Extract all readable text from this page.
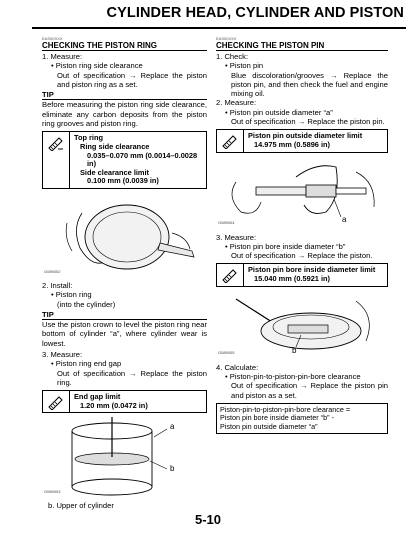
CYLINDER HEAD, CYLINDER AND PISTON
EAS00XXX
CHECKING THE PISTON RING
1. Measure:
• Piston ring side clearance
Out of specification → Replace the piston and piston ring as a set.
TIP
Before measuring the piston ring side clearance, eliminate any carbon deposits from the piston ring grooves and piston ring.
Top ring
Ring side clearance
0.035–0.070 mm (0.0014–0.0028 in)
Side clearance limit
0.100 mm (0.0039 in)
G089002
2. Install:
• Piston ring
(into the cylinder)
TIP
Use the piston crown to level the piston ring near bottom of cylinder “a”, where cylinder wear is lowest.
3. Measure:
• Piston ring end gap
Out of specification → Replace the piston ring.
End gap limit
1.20 mm (0.0472 in)
a
b
G089003
b. Upper of cylinder
EAS00XXX
CHECKING THE PISTON PIN
1. Check:
• Piston pin
Blue discoloration/grooves → Replace the piston pin, and then check the fuel and engine mixing oil.
2. Measure:
• Piston pin outside diameter “a”
Out of specification → Replace the piston pin.
Piston pin outside diameter limit
14.975 mm (0.5896 in)
a
G089004
3. Measure:
• Piston pin bore inside diameter “b”
Out of specification → Replace the piston.
Piston pin bore inside diameter limit
15.040 mm (0.5921 in)
b
G089005
4. Calculate:
• Piston-pin-to-piston-pin-bore clearance
Out of specification → Replace the piston pin and piston as a set.
Piston-pin-to-piston-pin-bore clearance =
Piston pin bore inside diameter “b” -
Piston pin outside diameter “a”
5-10
